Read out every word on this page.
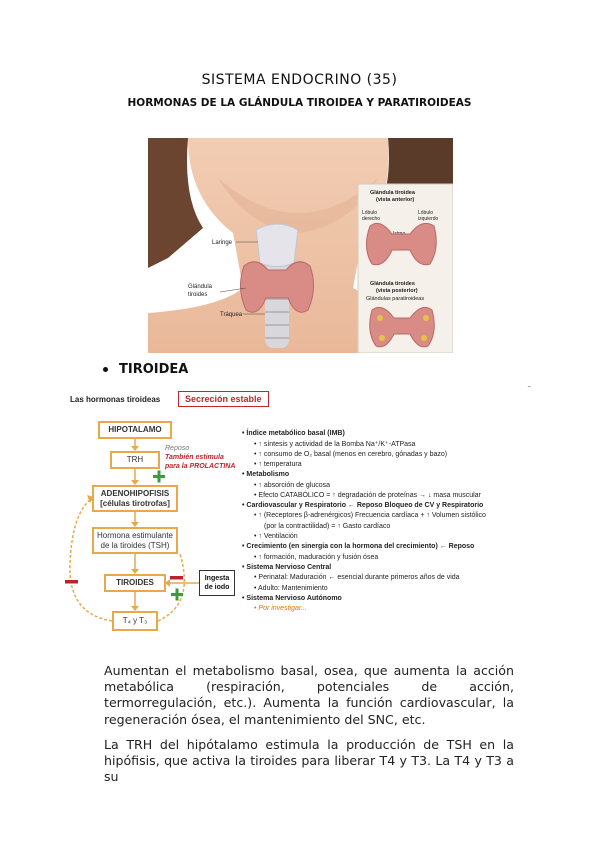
SISTEMA ENDOCRINO (35)
HORMONAS DE LA GLÁNDULA TIROIDEA Y PARATIROIDEAS
Laringe
Glándula
tiroides
Tráquea
Glándula tiroidea
(vista anterior)
Lóbulo
derecho
Lóbulo
izquierdo
Glándula tiroides
(vista posterior)
Glándulas paratiroideas
TIROIDEA
Las hormonas tiroideas	Secreción estable
˜
HIPOTALAMO
TRH
ADENOHIPOFISIS
[células tirotrofas]
Hormona estimulante
de la tiroides (TSH)
TIROIDES
T₄ y T₃
Ingesta
de iodo
Reposo
También estimula
para la PROLACTINA
• Índice metabólico basal (IMB)
• ↑ síntesis y actividad de la Bomba Na⁺/K⁺-ATPasa
• ↑ consumo de O₂ basal (menos en cerebro, gónadas y bazo)
• ↑ temperatura
• Metabolismo
• ↑ absorción de glucosa
• Efecto CATABÓLICO = ↑ degradación de proteínas → ↓ masa muscular
• Cardiovascular y Respiratorio ← Reposo Bloqueo de CV y Respiratorio
• ↑ (Receptores β-adrenérgicos) Frecuencia cardíaca + ↑ Volumen sistólico
(por la contractilidad) = ↑ Gasto cardíaco
• ↑ Ventilación
• Crecimiento (en sinergia con la hormona del crecimiento) ← Reposo
• ↑ formación, maduración y fusión ósea
• Sistema Nervioso Central
• Perinatal: Maduración ← esencial durante primeros años de vida
• Adulto: Mantenimiento
• Sistema Nervioso Autónomo
• Por investigar...
Aumentan el metabolismo basal, osea, que aumenta la acción metabólica (respiración, potenciales de acción, termorregulación, etc.). Aumenta la función cardiovascular, la regeneración ósea, el mantenimiento del SNC, etc.
La TRH del hipótalamo estimula la producción de TSH en la hipófisis, que activa la tiroides para liberar T4 y T3. La T4 y T3 a su
